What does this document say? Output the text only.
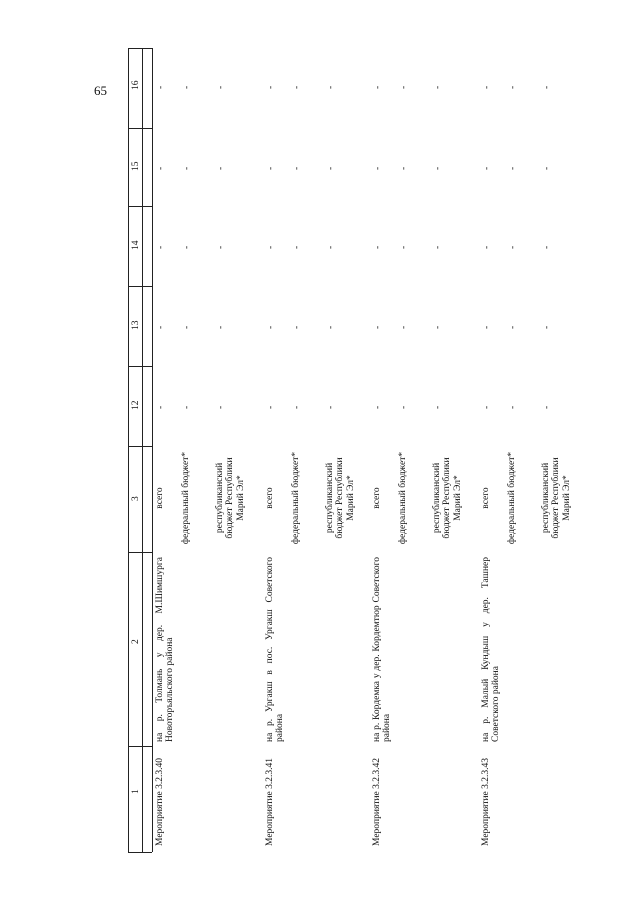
65
1
2
3
12
13
14
15
16
Мероприятие 3.2.3.40
на р. Толмань у дер. М.Шимшурга Новоторъяльского района
всего
-
-
-
-
-
федеральный бюджет*
-
-
-
-
-
республиканский бюджет Республики Марий Эл*
-
-
-
-
-
Мероприятие 3.2.3.41
на р. Ургакш в пос. Ургакш Советского района
всего
-
-
-
-
-
федеральный бюджет*
-
-
-
-
-
республиканский бюджет Республики Марий Эл*
-
-
-
-
-
Мероприятие 3.2.3.42
на р. Кордемка у дер. Кордемтюр Советского района
всего
-
-
-
-
-
федеральный бюджет*
-
-
-
-
-
республиканский бюджет Республики Марий Эл*
-
-
-
-
-
Мероприятие 3.2.3.43
на р. Малый Кундыш у дер. Ташнер Советского района
всего
-
-
-
-
-
федеральный бюджет*
-
-
-
-
-
республиканский бюджет Республики Марий Эл*
-
-
-
-
-
